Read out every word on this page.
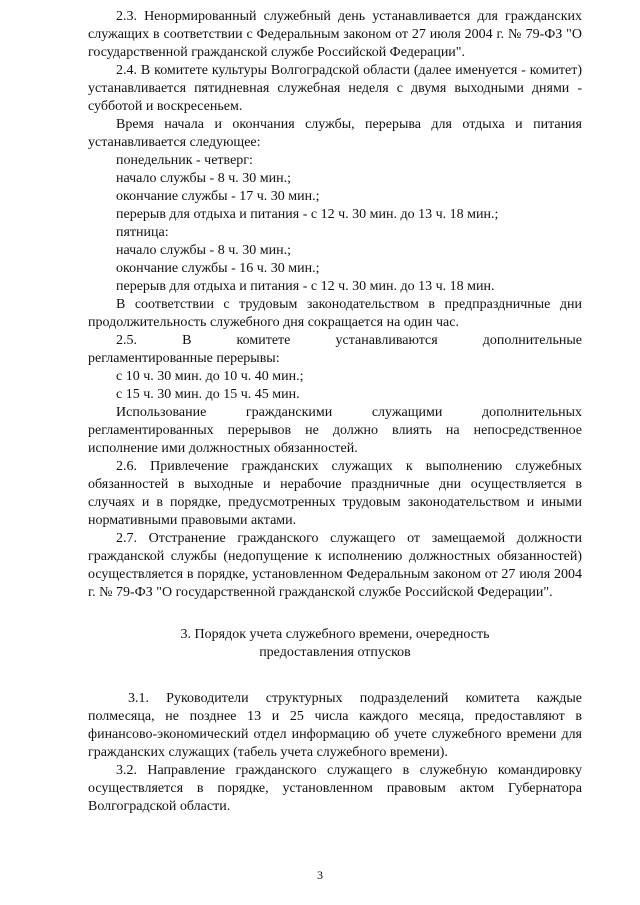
2.3. Ненормированный служебный день устанавливается для гражданских служащих в соответствии с Федеральным законом от 27 июля 2004 г. № 79-ФЗ "О государственной гражданской службе Российской Федерации".

2.4. В комитете культуры Волгоградской области (далее именуется - комитет) устанавливается пятидневная служебная неделя с двумя выходными днями - субботой и воскресеньем.

Время начала и окончания службы, перерыва для отдыха и питания устанавливается следующее:

понедельник - четверг:

начало службы - 8 ч. 30 мин.;

окончание службы - 17 ч. 30 мин.;

перерыв для отдыха и питания - с 12 ч. 30 мин. до 13 ч. 18 мин.;

пятница:

начало службы - 8 ч. 30 мин.;

окончание службы - 16 ч. 30 мин.;

перерыв для отдыха и питания - с 12 ч. 30 мин. до 13 ч. 18 мин.

В соответствии с трудовым законодательством в предпраздничные дни продолжительность служебного дня сокращается на один час.

2.5. В комитете устанавливаются дополнительные

регламентированные перерывы:

с 10 ч. 30 мин. до 10 ч. 40 мин.;

с 15 ч. 30 мин. до 15 ч. 45 мин.

Использование гражданскими служащими дополнительных регламентированных перерывов не должно влиять на непосредственное исполнение ими должностных обязанностей.

2.6. Привлечение гражданских служащих к выполнению служебных обязанностей в выходные и нерабочие праздничные дни осуществляется в случаях и в порядке, предусмотренных трудовым законодательством и иными нормативными правовыми актами.

2.7. Отстранение гражданского служащего от замещаемой должности гражданской службы (недопущение к исполнению должностных обязанностей) осуществляется в порядке, установленном Федеральным законом от 27 июля 2004 г. № 79-ФЗ "О государственной гражданской службе Российской Федерации".

3. Порядок учета служебного времени, очередность

предоставления отпусков

3.1. Руководители структурных подразделений комитета каждые полмесяца, не позднее 13 и 25 числа каждого месяца, предоставляют в финансово-экономический отдел информацию об учете служебного времени для гражданских служащих (табель учета служебного времени).

3.2. Направление гражданского служащего в служебную командировку осуществляется в порядке, установленном правовым актом Губернатора Волгоградской области.

3
